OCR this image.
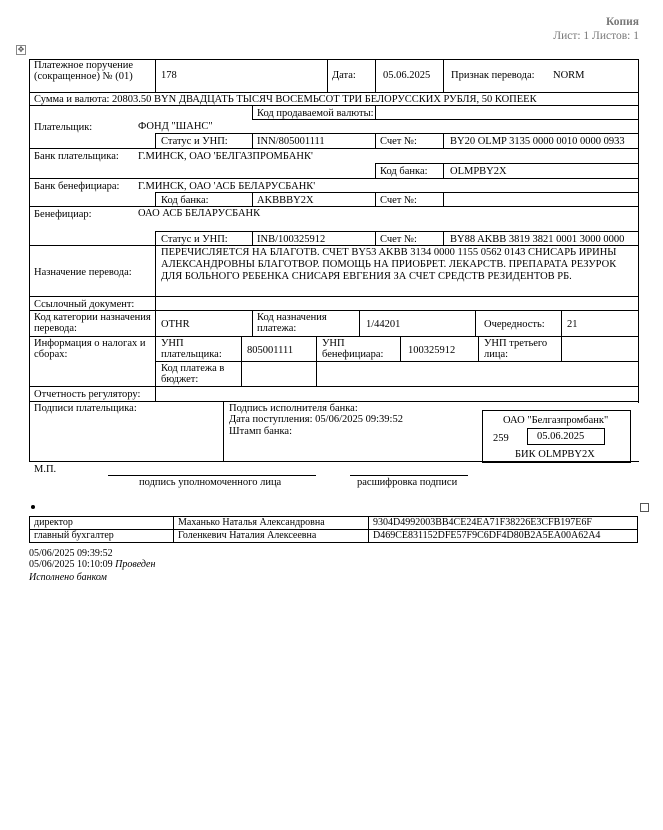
Копия
Лист: 1 Листов: 1
✥
Платежное поручение (сокращенное) № (01)	178	Дата:	05.06.2025 Признак перевода: NORM
Сумма и валюта: 20803.50 BYN ДВАДЦАТЬ ТЫСЯЧ ВОСЕМЬСОТ ТРИ БЕЛОРУССКИХ РУБЛЯ, 50 КОПЕЕК
Код продаваемой валюты:
Плательщик:	ФОНД "ШАНС"
Статус и УНП:	INN/805001111	Счет №:	BY20 OLMP 3135 0000 0010 0000 0933
Банк плательщика: Г.МИНСК, ОАО 'БЕЛГАЗПРОМБАНК'
Код банка: OLMPBY2X
Банк бенефициара: Г.МИНСК, ОАО 'АСБ БЕЛАРУСБАНК'
Код банка:	AKBBBY2X	Счет №:
Бенефициар:	ОАО АСБ БЕЛАРУСБАНК
Статус и УНП:	INB/100325912	Счет №:	BY88 AKBB 3819 3821 0001 3000 0000
Назначение перевода:
ПЕРЕЧИСЛЯЕТСЯ НА БЛАГОТВ. СЧЕТ BY53 AKBB 3134 0000 1155 0562 0143 СНИСАРЬ ИРИНЫ АЛЕКСАНДРОВНЫ БЛАГОТВОР. ПОМОЩЬ НА ПРИОБРЕТ. ЛЕКАРСТВ. ПРЕПАРАТА РЕЗУРОК ДЛЯ БОЛЬНОГО РЕБЕНКА СНИСАРЯ ЕВГЕНИЯ ЗА СЧЕТ СРЕДСТВ РЕЗИДЕНТОВ РБ.
Ссылочный документ:
Код категории назначения перевода:	OTHR
Код назначения платежа:	1/44201	Очередность: 21
Информация о налогах и сборах:
УНП плательщика:	805001111
УНП бенефициара:	100325912
УНП третьего лица:
Код платежа в бюджет:
Отчетность регулятору:
Подписи плательщика:	Подпись исполнителя банка:
Дата поступления: 05/06/2025 09:39:52
Штамп банка:
ОАО "Белгазпромбанк"
259	05.06.2025
БИК OLMPBY2X
М.П.
подпись уполномоченного лица	расшифровка подписи
директор	Маханько Наталья Александровна	9304D4992003BB4CE24EA71F38226E3CFB197E6F
главный бухгалтер	Голенкевич Наталия Алексеевна	D469CE831152DFE57F9C6DF4D80B2A5EA00A62A4
05/06/2025 09:39:52
05/06/2025 10:10:09 Проведен
Исполнено банком
